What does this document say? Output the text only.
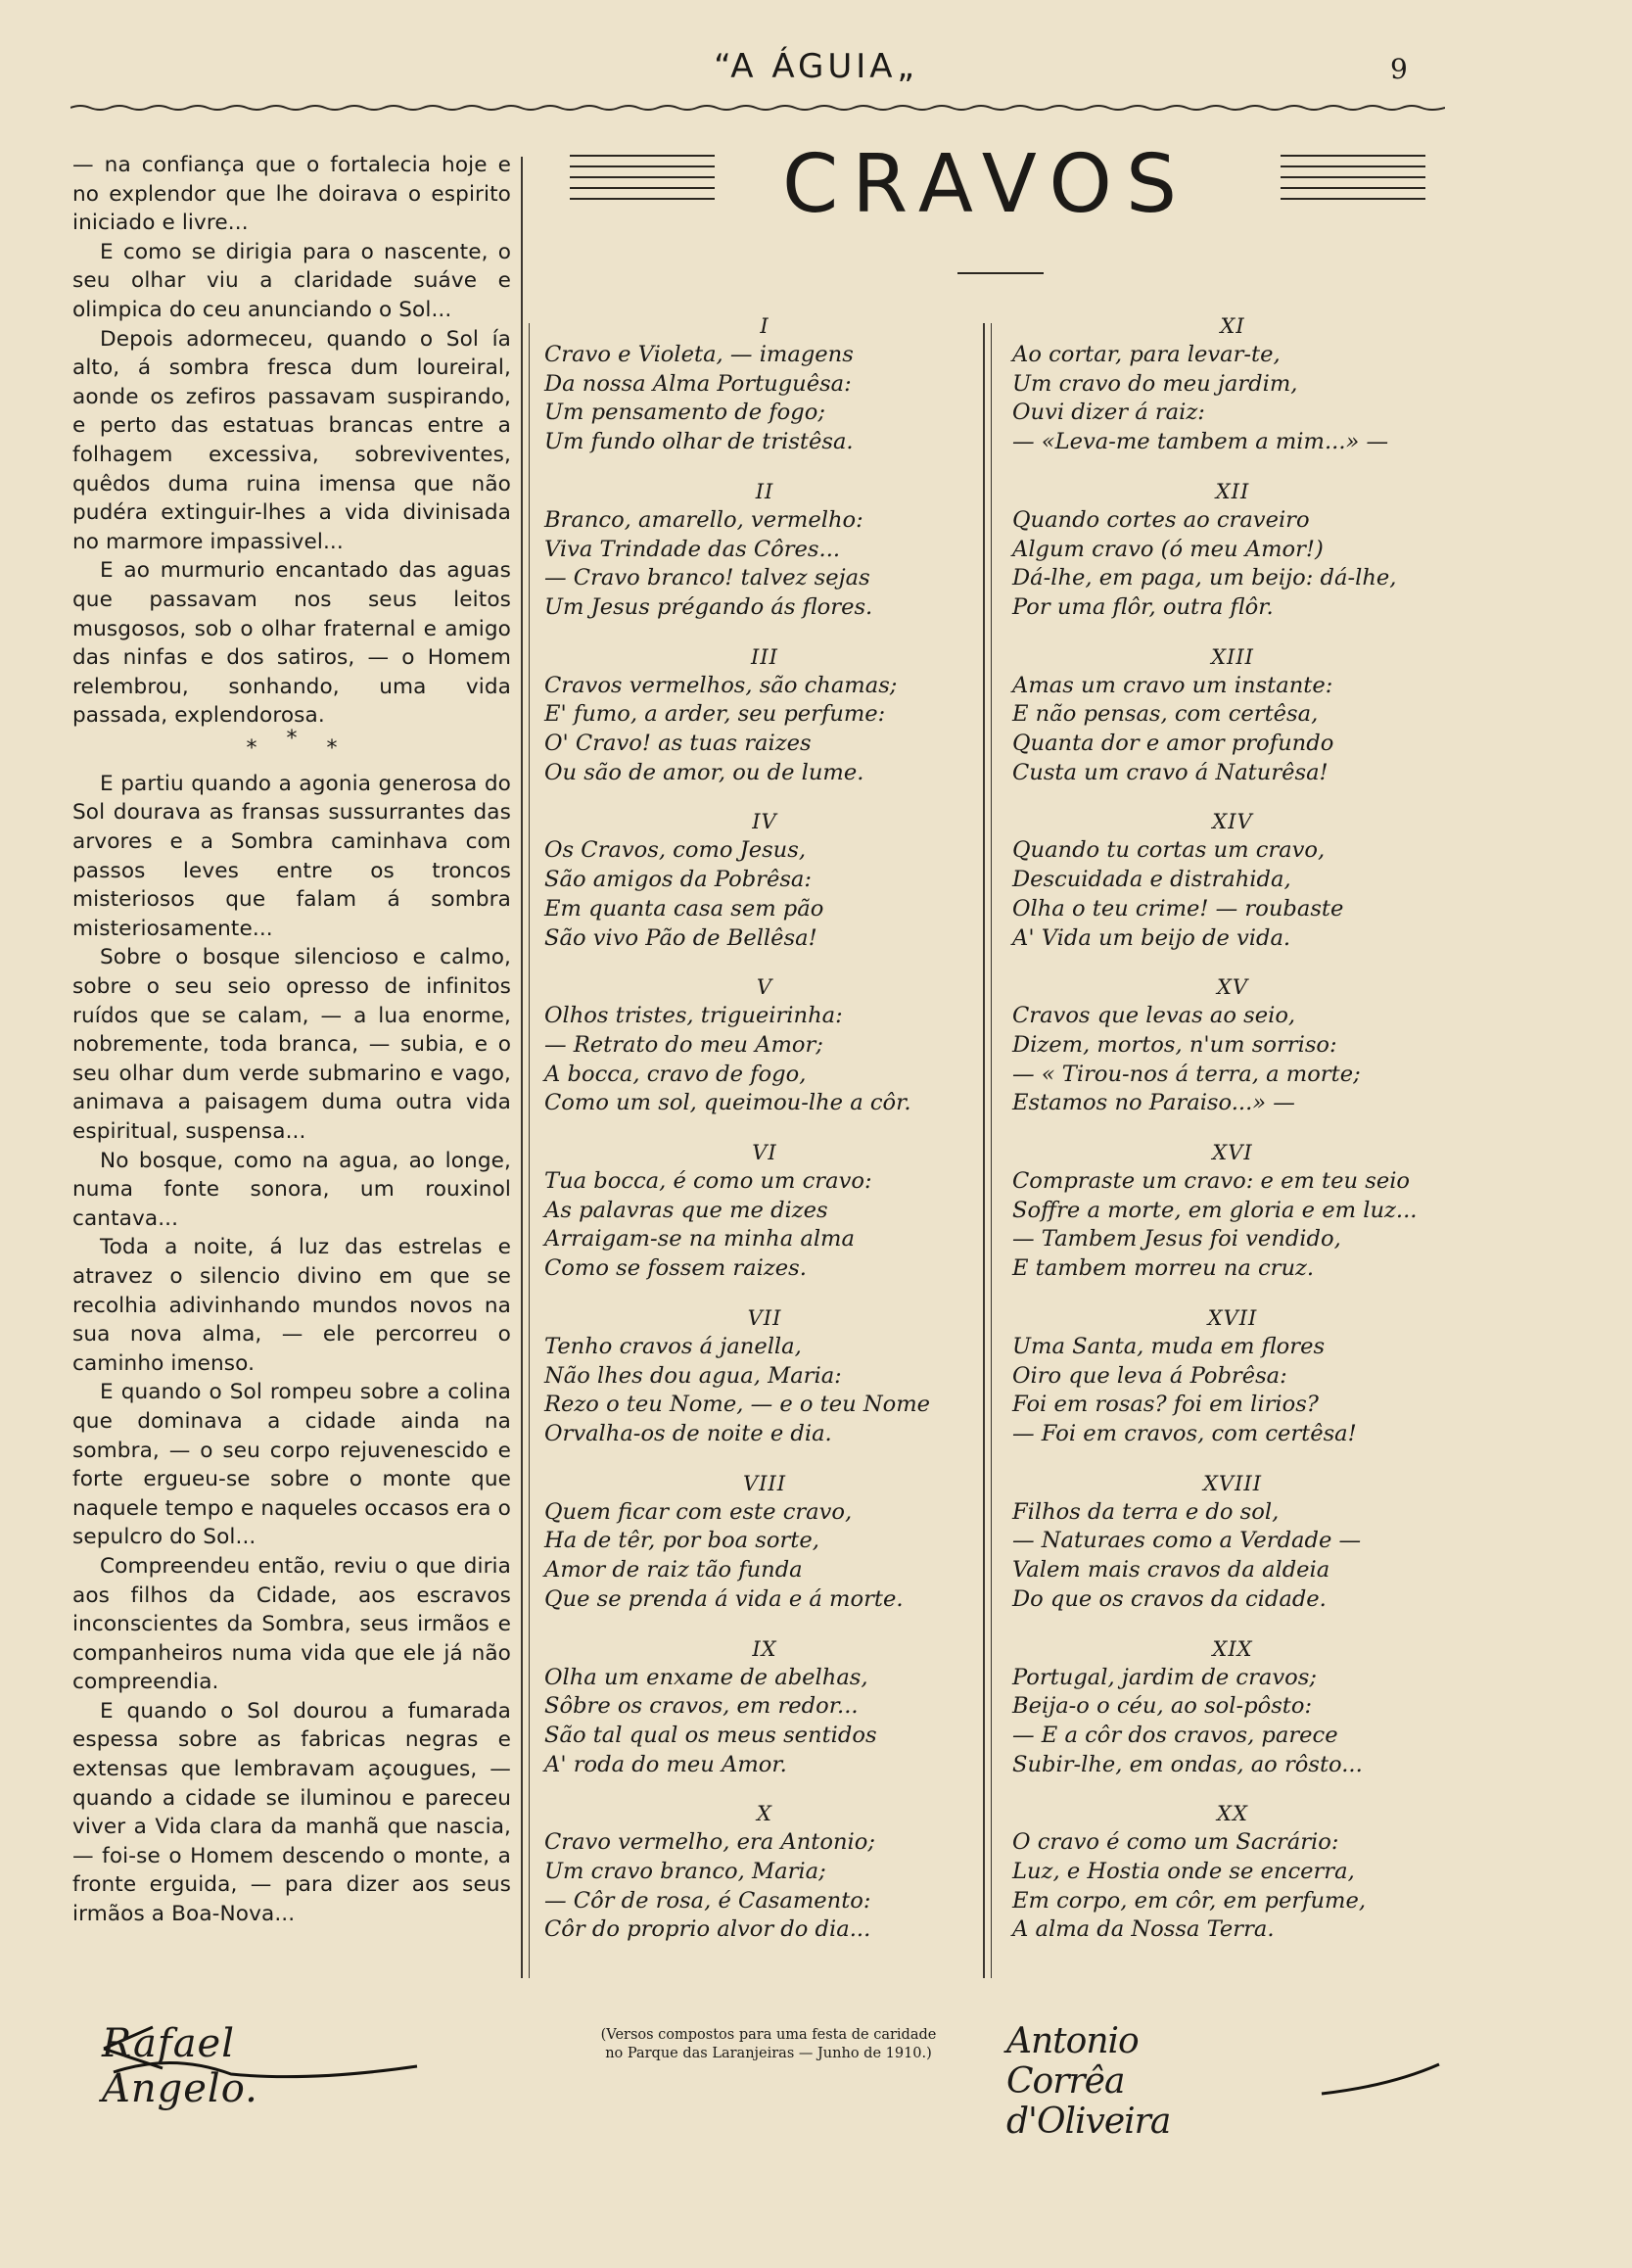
“A ÁGUIA„	9

— na confiança que o fortalecia hoje e no explendor que lhe doirava o espirito iniciado e livre...

E como se dirigia para o nascente, o seu olhar viu a claridade suáve e olimpica do ceu anunciando o Sol...

Depois adormeceu, quando o Sol ía alto, á sombra fresca dum loureiral, aonde os zefiros passavam suspirando, e perto das estatuas brancas entre a folhagem excessiva, sobreviventes, quêdos duma ruina imensa que não pudéra extinguir-lhes a vida divinisada no marmore impassivel...

E ao murmurio encantado das aguas que passavam nos seus leitos musgosos, sob o olhar fraternal e amigo das ninfas e dos satiros, — o Homem relembrou, sonhando, uma vida passada, explendorosa.

***

E partiu quando a agonia generosa do Sol dourava as fransas sussurrantes das arvores e a Sombra caminhava com passos leves entre os troncos misteriosos que falam á sombra misteriosamente...

Sobre o bosque silencioso e calmo, sobre o seu seio opresso de infinitos ruídos que se calam, — a lua enorme, nobremente, toda branca, — subia, e o seu olhar dum verde submarino e vago, animava a paisagem duma outra vida espiritual, suspensa...

No bosque, como na agua, ao longe, numa fonte sonora, um rouxinol cantava...

Toda a noite, á luz das estrelas e atravez o silencio divino em que se recolhia adivinhando mundos novos na sua nova alma, — ele percorreu o caminho imenso.

E quando o Sol rompeu sobre a colina que dominava a cidade ainda na sombra, — o seu corpo rejuvenescido e forte ergueu-se sobre o monte que naquele tempo e naqueles occasos era o sepulcro do Sol...

Compreendeu então, reviu o que diria aos filhos da Cidade, aos escravos inconscientes da Sombra, seus irmãos e companheiros numa vida que ele já não compreendia.

E quando o Sol dourou a fumarada espessa sobre as fabricas negras e extensas que lembravam açougues, — quando a cidade se iluminou e pareceu viver a Vida clara da manhã que nascia, — foi-se o Homem descendo o monte, a fronte erguida, — para dizer aos seus irmãos a Boa-Nova...

CRAVOS
I
Cravo e Violeta, — imagens
Da nossa Alma Portuguêsa:
Um pensamento de fogo;
Um fundo olhar de tristêsa.
II
Branco, amarello, vermelho:
Viva Trindade das Côres...
— Cravo branco! talvez sejas
Um Jesus prégando ás flores.
III
Cravos vermelhos, são chamas;
E' fumo, a arder, seu perfume:
O' Cravo! as tuas raizes
Ou são de amor, ou de lume.
IV
Os Cravos, como Jesus,
São amigos da Pobrêsa:
Em quanta casa sem pão
São vivo Pão de Bellêsa!
V
Olhos tristes, trigueirinha:
— Retrato do meu Amor;
A bocca, cravo de fogo,
Como um sol, queimou-lhe a côr.
VI
Tua bocca, é como um cravo:
As palavras que me dizes
Arraigam-se na minha alma
Como se fossem raizes.
VII
Tenho cravos á janella,
Não lhes dou agua, Maria:
Rezo o teu Nome, — e o teu Nome
Orvalha-os de noite e dia.
VIII
Quem ficar com este cravo,
Ha de têr, por boa sorte,
Amor de raiz tão funda
Que se prenda á vida e á morte.
IX
Olha um enxame de abelhas,
Sôbre os cravos, em redor...
São tal qual os meus sentidos
A' roda do meu Amor.
X
Cravo vermelho, era Antonio;
Um cravo branco, Maria;
— Côr de rosa, é Casamento:
Côr do proprio alvor do dia...
XI
Ao cortar, para levar-te,
Um cravo do meu jardim,
Ouvi dizer á raiz:
— «Leva-me tambem a mim...» —
XII
Quando cortes ao craveiro
Algum cravo (ó meu Amor!)
Dá-lhe, em paga, um beijo: dá-lhe,
Por uma flôr, outra flôr.
XIII
Amas um cravo um instante:
E não pensas, com certêsa,
Quanta dor e amor profundo
Custa um cravo á Naturêsa!
XIV
Quando tu cortas um cravo,
Descuidada e distrahida,
Olha o teu crime! — roubaste
A' Vida um beijo de vida.
XV
Cravos que levas ao seio,
Dizem, mortos, n'um sorriso:
— « Tirou-nos á terra, a morte;
Estamos no Paraiso...» —
XVI
Compraste um cravo: e em teu seio
Soffre a morte, em gloria e em luz...
— Tambem Jesus foi vendido,
E tambem morreu na cruz.
XVII
Uma Santa, muda em flores
Oiro que leva á Pobrêsa:
Foi em rosas? foi em lirios?
— Foi em cravos, com certêsa!
XVIII
Filhos da terra e do sol,
— Naturaes como a Verdade —
Valem mais cravos da aldeia
Do que os cravos da cidade.
XIX
Portugal, jardim de cravos;
Beija-o o céu, ao sol-pôsto:
— E a côr dos cravos, parece
Subir-lhe, em ondas, ao rôsto...
XX
O cravo é como um Sacrário:
Luz, e Hostia onde se encerra,
Em corpo, em côr, em perfume,
A alma da Nossa Terra.
(Versos compostos para uma festa de caridade
no Parque das Laranjeiras — Junho de 1910.)
Rafael Angelo.
Antonio Corrêa d'Oliveira
